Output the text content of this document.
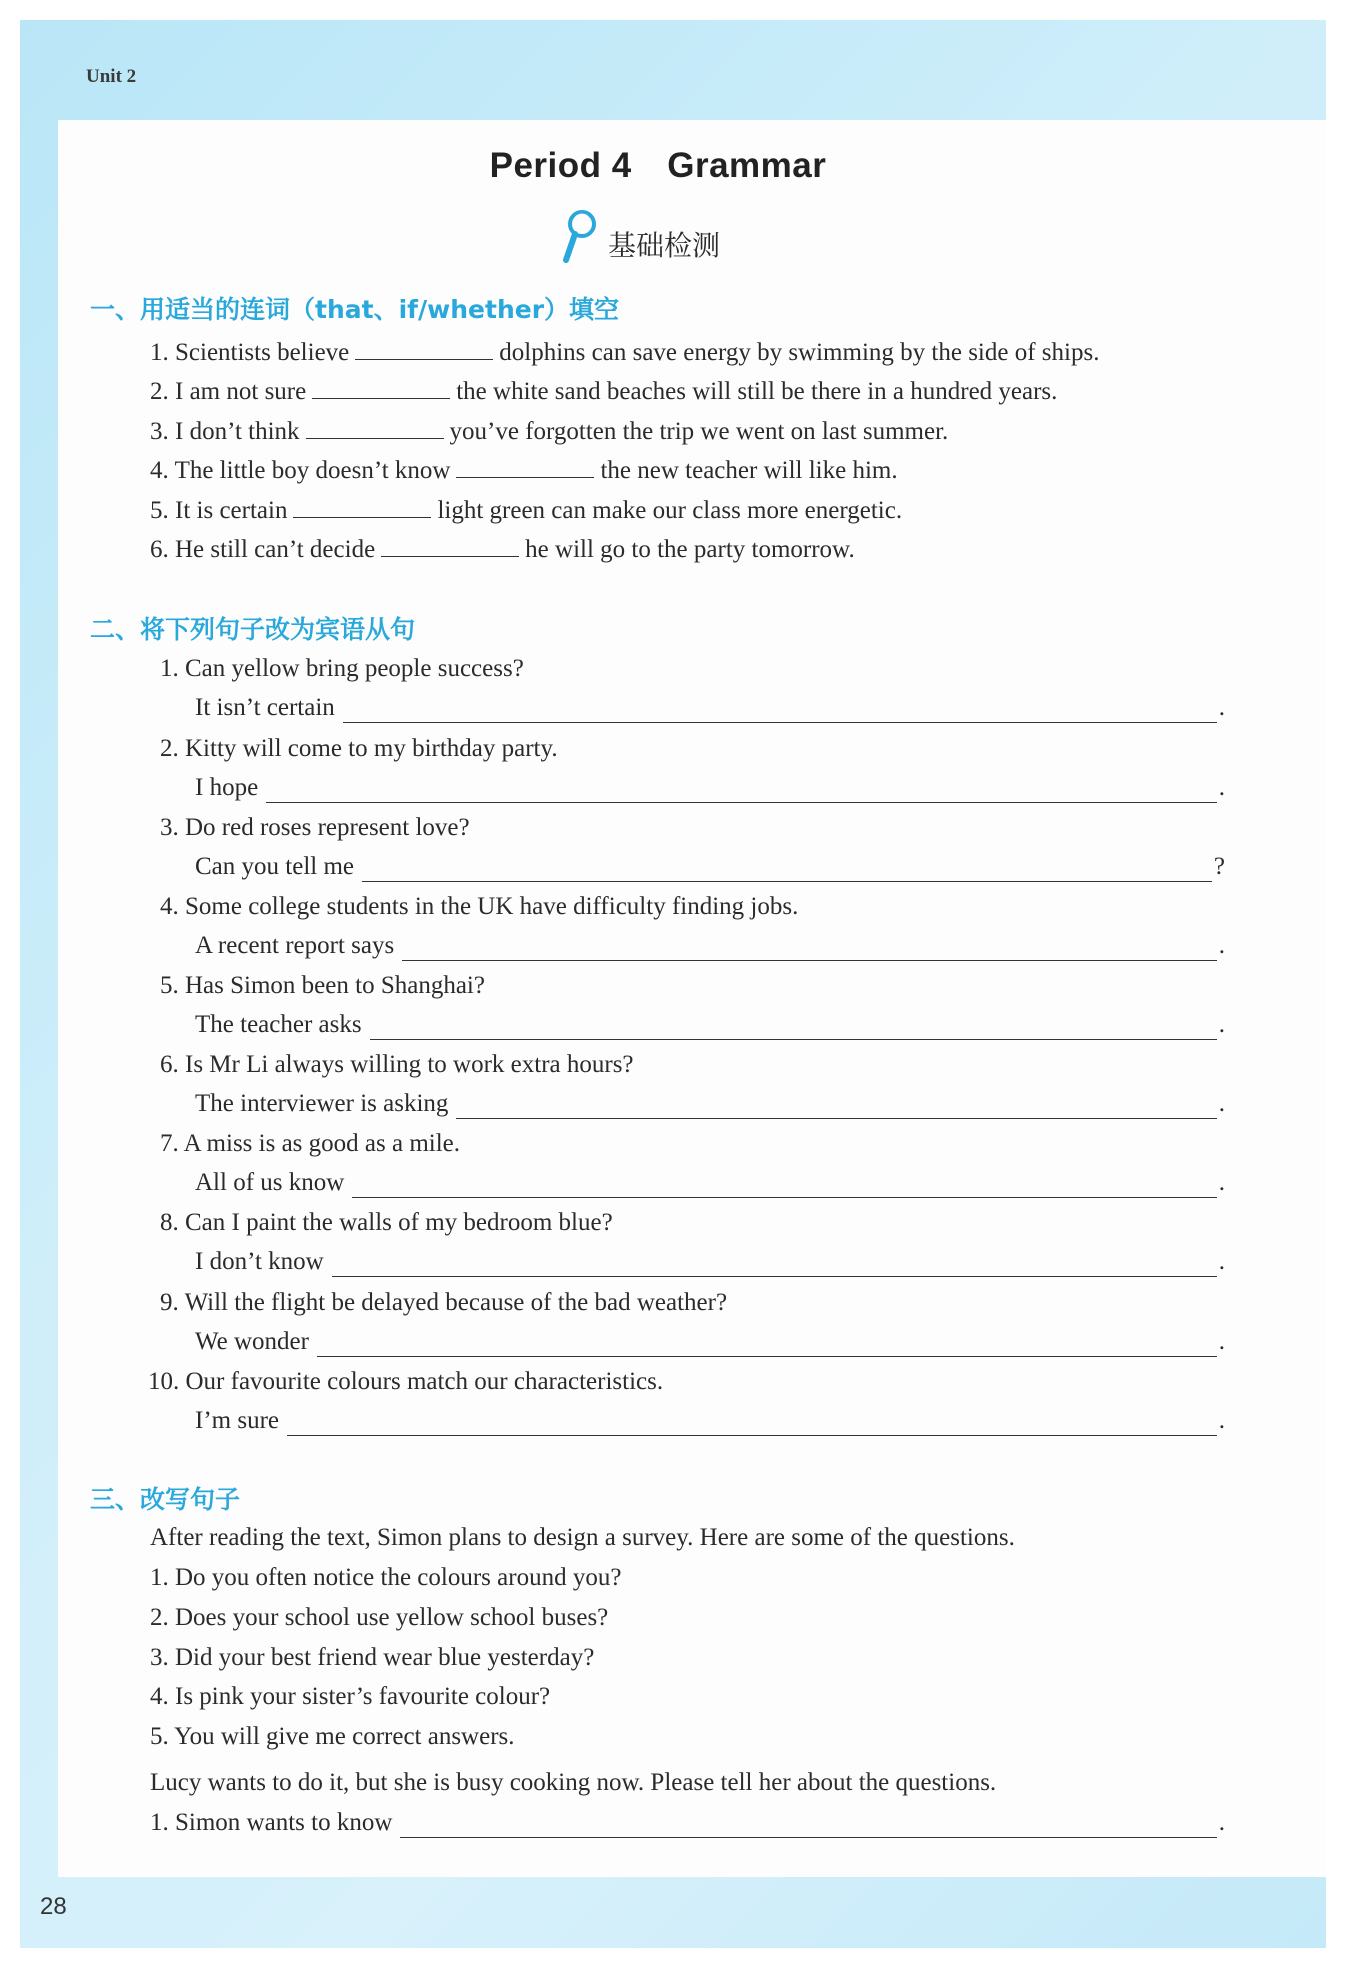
Unit 2
28
Period 4　Grammar
基础检测
一、用适当的连词（that、if/whether）填空
1. Scientists believe	dolphins can save energy by swimming by the side of ships.
2. I am not sure	the white sand beaches will still be there in a hundred years.
3. I don’t think	you’ve forgotten the trip we went on last summer.
4. The little boy doesn’t know	the new teacher will like him.
5. It is certain	light green can make our class more energetic.
6. He still can’t decide	he will go to the party tomorrow.
二、将下列句子改为宾语从句
1. Can yellow bring people success?
It isn’t certain	.
2. Kitty will come to my birthday party.
I hope	.
3. Do red roses represent love?
Can you tell me	?
4. Some college students in the UK have difficulty finding jobs.
A recent report says	.
5. Has Simon been to Shanghai?
The teacher asks	.
6. Is Mr Li always willing to work extra hours?
The interviewer is asking	.
7. A miss is as good as a mile.
All of us know	.
8. Can I paint the walls of my bedroom blue?
I don’t know	.
9. Will the flight be delayed because of the bad weather?
We wonder	.
10. Our favourite colours match our characteristics.
I’m sure	.
三、改写句子
After reading the text, Simon plans to design a survey. Here are some of the questions.
1. Do you often notice the colours around you?
2. Does your school use yellow school buses?
3. Did your best friend wear blue yesterday?
4. Is pink your sister’s favourite colour?
5. You will give me correct answers.
Lucy wants to do it, but she is busy cooking now. Please tell her about the questions.
1. Simon wants to know	.
